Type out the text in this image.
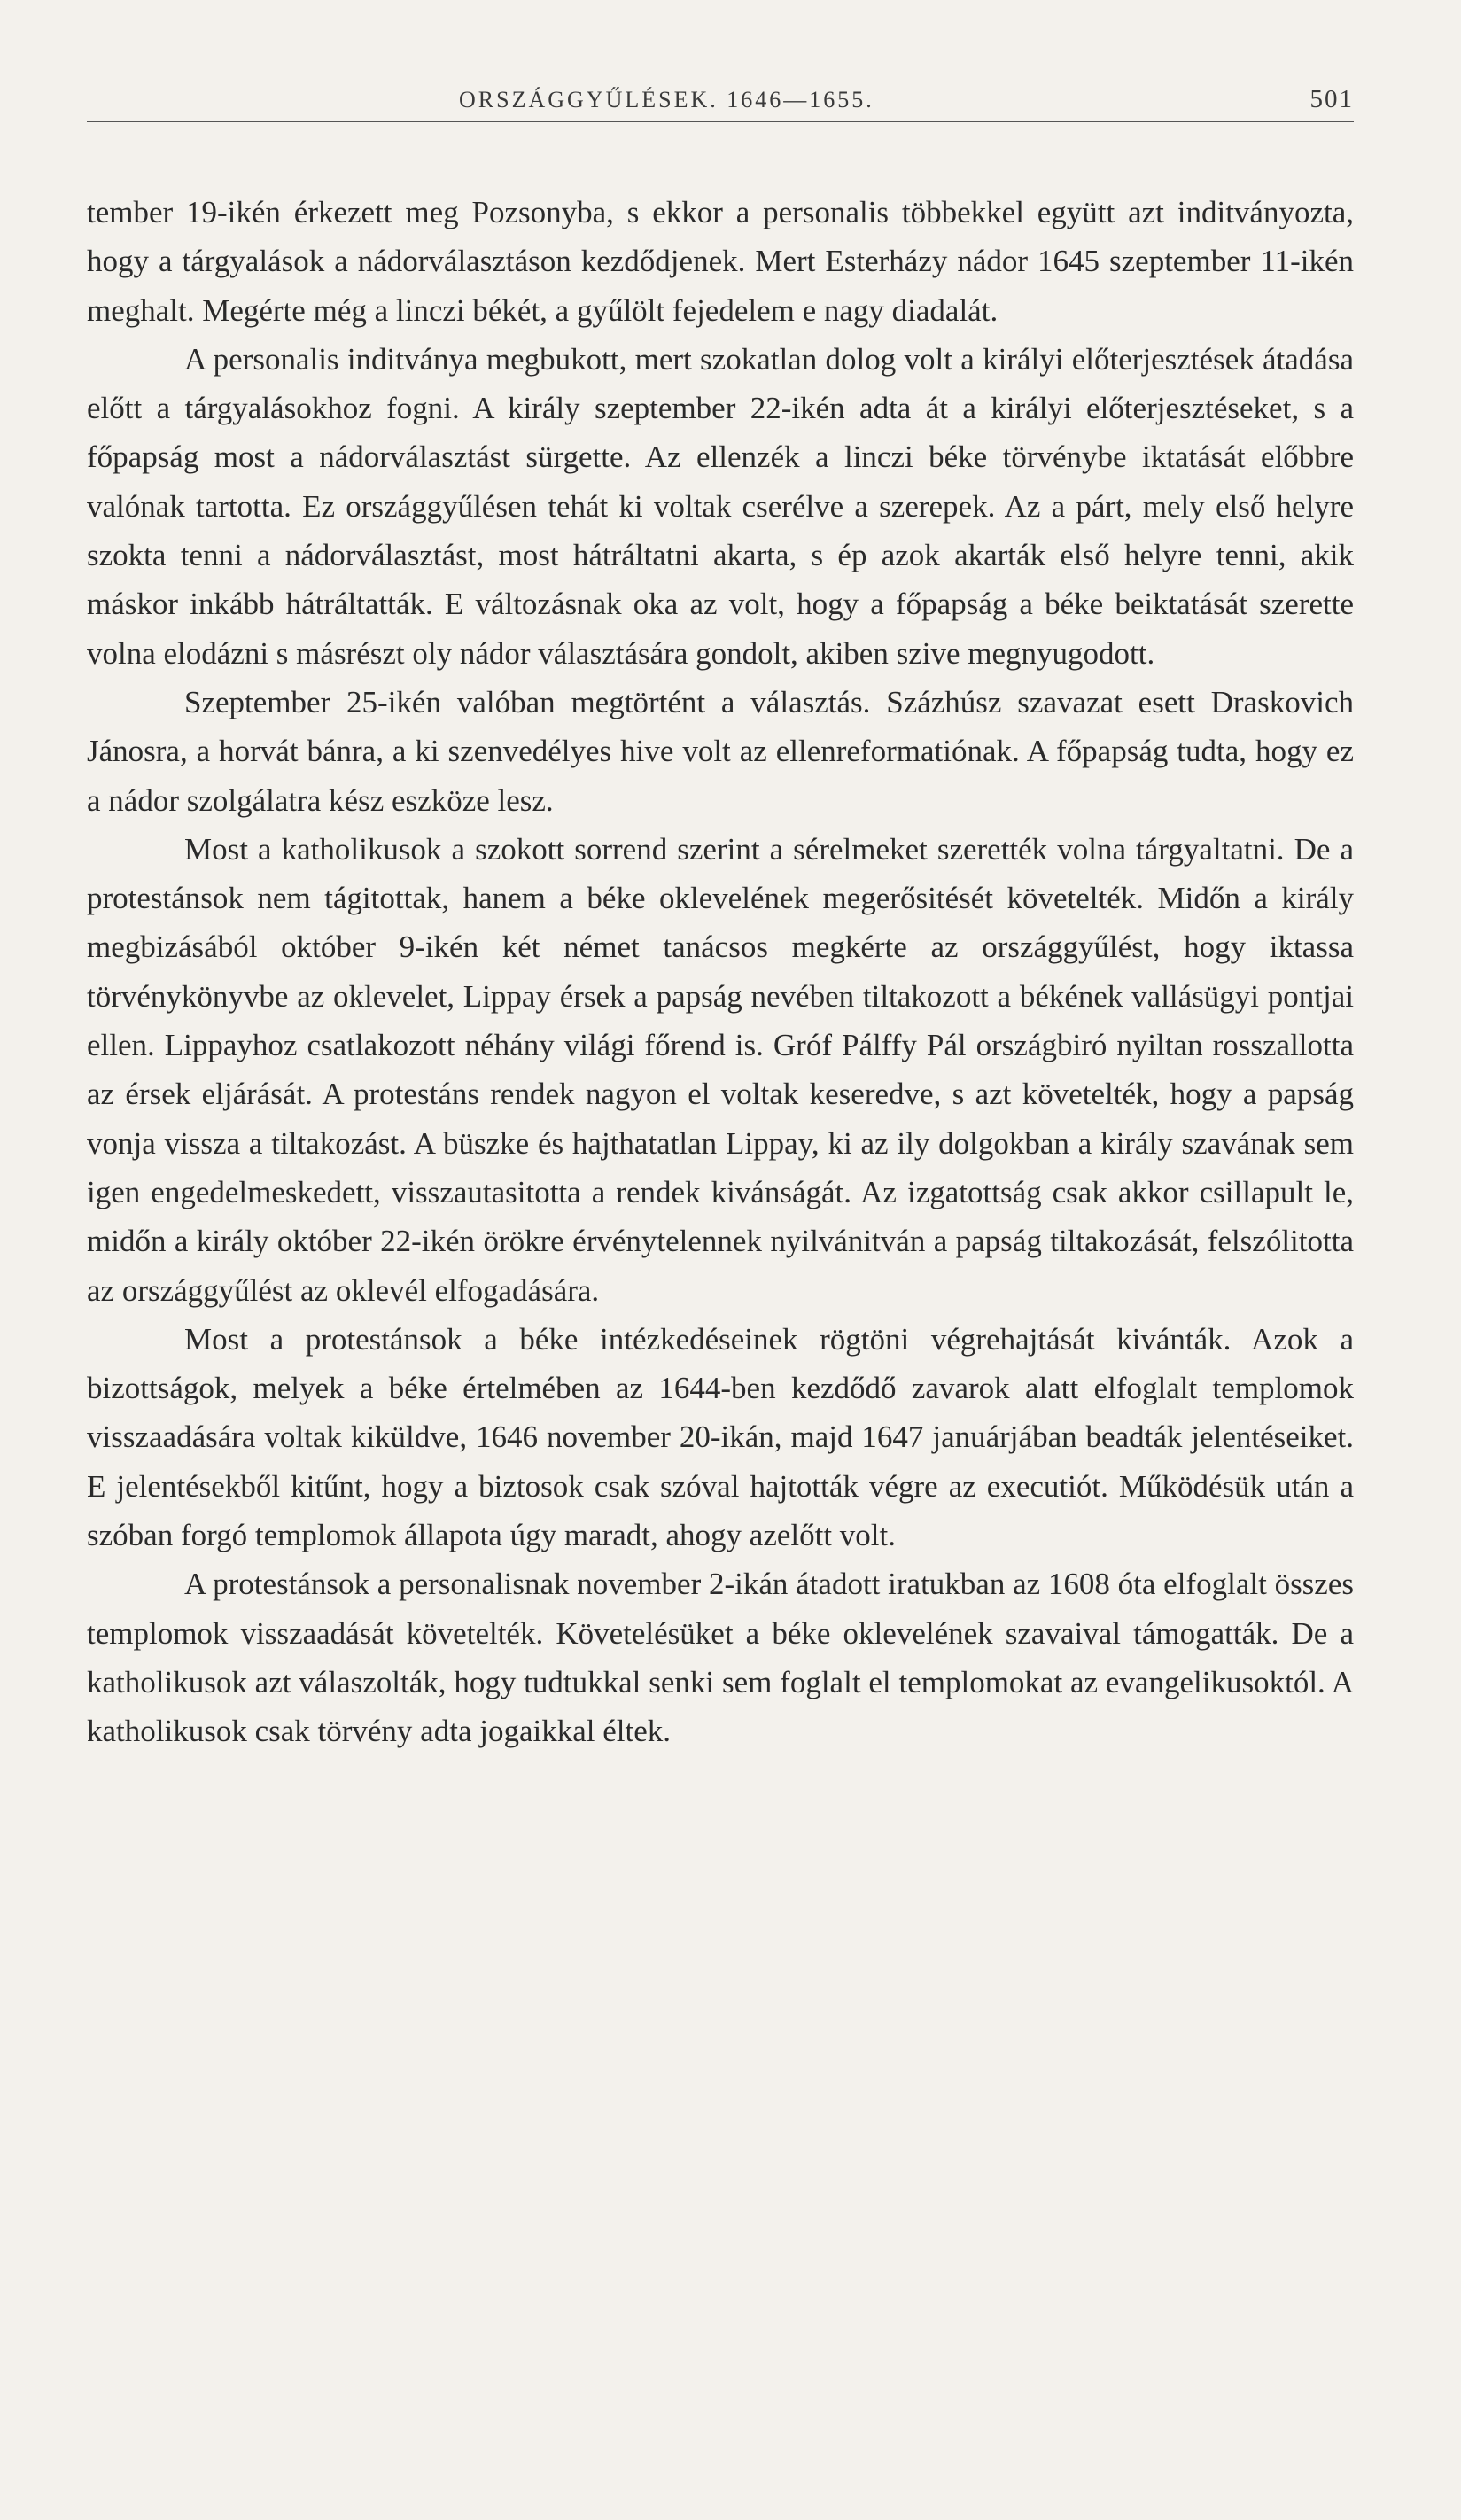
ORSZÁGGYŰLÉSEK. 1646—1655.	501

tember 19-ikén érkezett meg Pozsonyba, s ekkor a personalis többekkel együtt azt inditványozta, hogy a tárgyalások a nádorválasztáson kezdődjenek. Mert Esterházy nádor 1645 szeptember 11-ikén meghalt. Megérte még a linczi békét, a gyűlölt fejedelem e nagy diadalát.

A personalis inditványa megbukott, mert szokatlan dolog volt a királyi előterjesztések átadása előtt a tárgyalásokhoz fogni. A király szeptember 22-ikén adta át a királyi előterjesztéseket, s a főpapság most a nádorválasztást sürgette. Az ellenzék a linczi béke törvénybe iktatását előbbre valónak tartotta. Ez országgyűlésen tehát ki voltak cserélve a szerepek. Az a párt, mely első helyre szokta tenni a nádorválasztást, most hátráltatni akarta, s ép azok akarták első helyre tenni, akik máskor inkább hátráltatták. E változásnak oka az volt, hogy a főpapság a béke beiktatását szerette volna elodázni s másrészt oly nádor választására gondolt, akiben szive megnyugodott.

Szeptember 25-ikén valóban megtörtént a választás. Százhúsz szavazat esett Draskovich Jánosra, a horvát bánra, a ki szenvedélyes hive volt az ellenreformatiónak. A főpapság tudta, hogy ez a nádor szolgálatra kész eszköze lesz.

Most a katholikusok a szokott sorrend szerint a sérelmeket szerették volna tárgyaltatni. De a protestánsok nem tágitottak, hanem a béke oklevelének megerősitését követelték. Midőn a király megbizásából október 9-ikén két német tanácsos megkérte az országgyűlést, hogy iktassa törvénykönyvbe az oklevelet, Lippay érsek a papság nevében tiltakozott a békének vallásügyi pontjai ellen. Lippayhoz csatlakozott néhány világi főrend is. Gróf Pálffy Pál országbiró nyiltan rosszallotta az érsek eljárását. A protestáns rendek nagyon el voltak keseredve, s azt követelték, hogy a papság vonja vissza a tiltakozást. A büszke és hajthatatlan Lippay, ki az ily dolgokban a király szavának sem igen engedelmeskedett, visszautasitotta a rendek kivánságát. Az izgatottság csak akkor csillapult le, midőn a király október 22-ikén örökre érvénytelennek nyilvánitván a papság tiltakozását, felszólitotta az országgyűlést az oklevél elfogadására.

Most a protestánsok a béke intézkedéseinek rögtöni végrehajtását kivánták. Azok a bizottságok, melyek a béke értelmében az 1644-ben kezdődő zavarok alatt elfoglalt templomok visszaadására voltak kiküldve, 1646 november 20-ikán, majd 1647 januárjában beadták jelentéseiket. E jelentésekből kitűnt, hogy a biztosok csak szóval hajtották végre az executiót. Működésük után a szóban forgó templomok állapota úgy maradt, ahogy azelőtt volt.

A protestánsok a personalisnak november 2-ikán átadott iratukban az 1608 óta elfoglalt összes templomok visszaadását követelték. Követelésüket a béke oklevelének szavaival támogatták. De a katholikusok azt válaszolták, hogy tudtukkal senki sem foglalt el templomokat az evangelikusoktól. A katholikusok csak törvény adta jogaikkal éltek.
